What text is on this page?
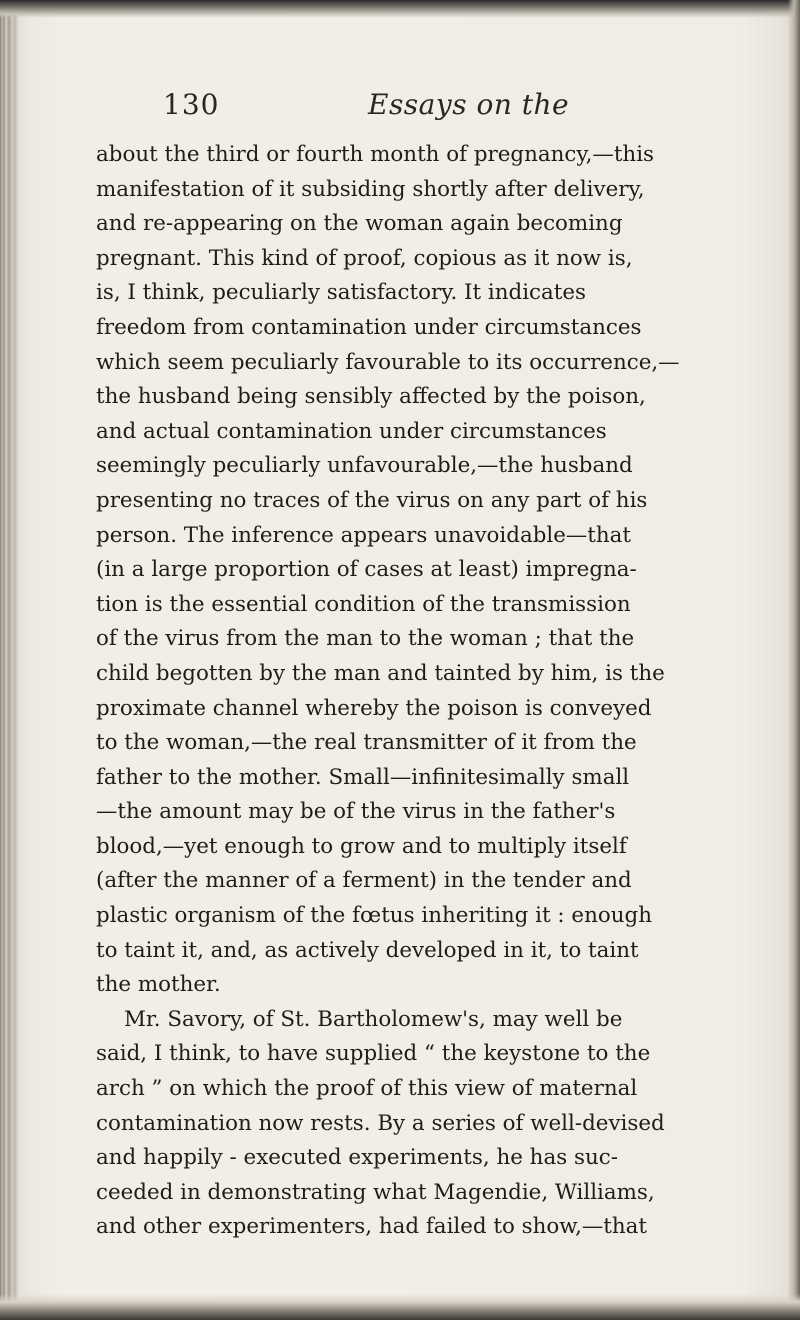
130	Essays on the
about the third or fourth month of pregnancy,—this
manifestation of it subsiding shortly after delivery,
and re-appearing on the woman again becoming
pregnant. This kind of proof, copious as it now is,
is, I think, peculiarly satisfactory. It indicates
freedom from contamination under circumstances
which seem peculiarly favourable to its occurrence,—
the husband being sensibly affected by the poison,
and actual contamination under circumstances
seemingly peculiarly unfavourable,—the husband
presenting no traces of the virus on any part of his
person. The inference appears unavoidable—that
(in a large proportion of cases at least) impregna-
tion is the essential condition of the transmission
of the virus from the man to the woman ; that the
child begotten by the man and tainted by him, is the
proximate channel whereby the poison is conveyed
to the woman,—the real transmitter of it from the
father to the mother. Small—infinitesimally small
—the amount may be of the virus in the father's
blood,—yet enough to grow and to multiply itself
(after the manner of a ferment) in the tender and
plastic organism of the fœtus inheriting it : enough
to taint it, and, as actively developed in it, to taint
the mother.
Mr. Savory, of St. Bartholomew's, may well be
said, I think, to have supplied “ the keystone to the
arch ” on which the proof of this view of maternal
contamination now rests. By a series of well-devised
and happily - executed experiments, he has suc-
ceeded in demonstrating what Magendie, Williams,
and other experimenters, had failed to show,—that
